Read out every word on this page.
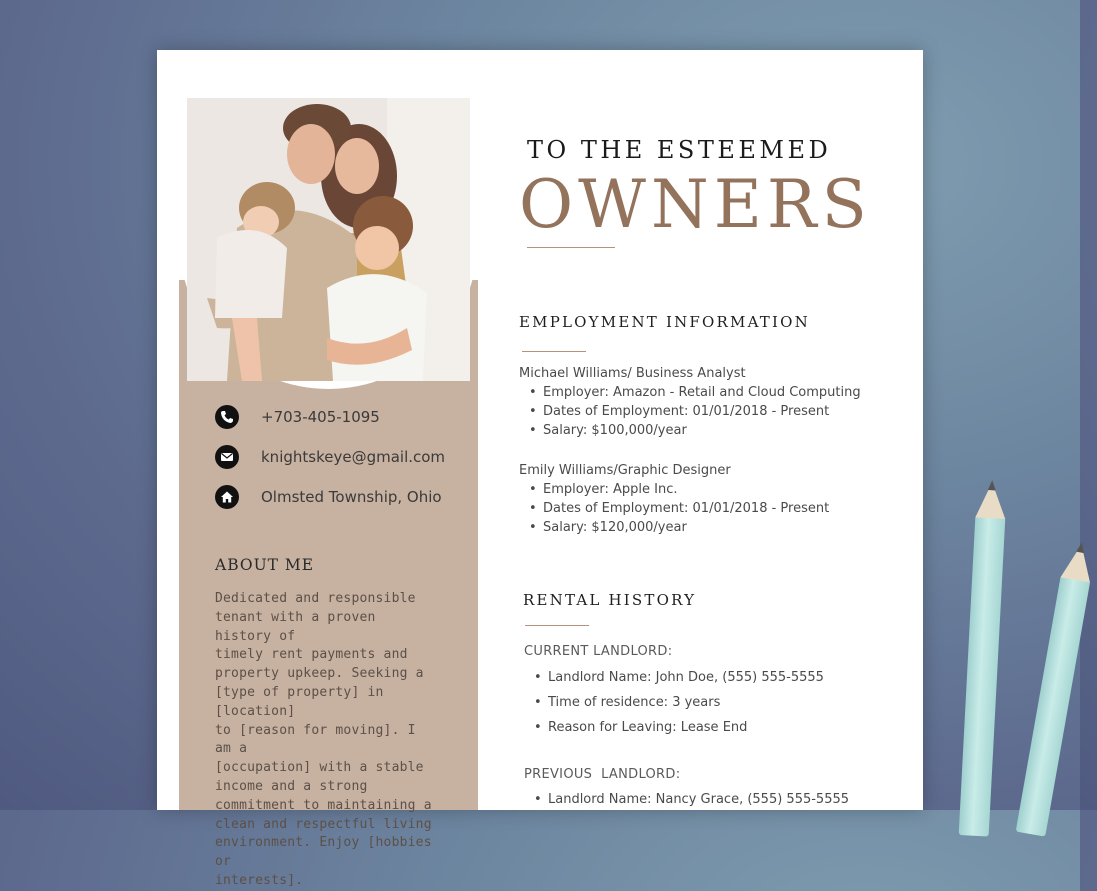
+703-405-1095
knightskeye@gmail.com
Olmsted Township, Ohio
ABOUT ME
Dedicated and responsible
tenant with a proven history of
timely rent payments and
property upkeep. Seeking a
[type of property] in [location]
to [reason for moving]. I am a
[occupation] with a stable
income and a strong
commitment to maintaining a
clean and respectful living
environment. Enjoy [hobbies or
interests].
TO THE ESTEEMED
OWNERS
EMPLOYMENT INFORMATION
Michael Williams/ Business Analyst
• Employer: Amazon - Retail and Cloud Computing
• Dates of Employment: 01/01/2018 - Present
• Salary: $100,000/year
Emily Williams/Graphic Designer
• Employer: Apple Inc.
• Dates of Employment: 01/01/2018 - Present
• Salary: $120,000/year
RENTAL HISTORY
CURRENT LANDLORD:
• Landlord Name: John Doe, (555) 555-5555
• Time of residence: 3 years
• Reason for Leaving: Lease End
PREVIOUS  LANDLORD:
• Landlord Name: Nancy Grace, (555) 555-5555
